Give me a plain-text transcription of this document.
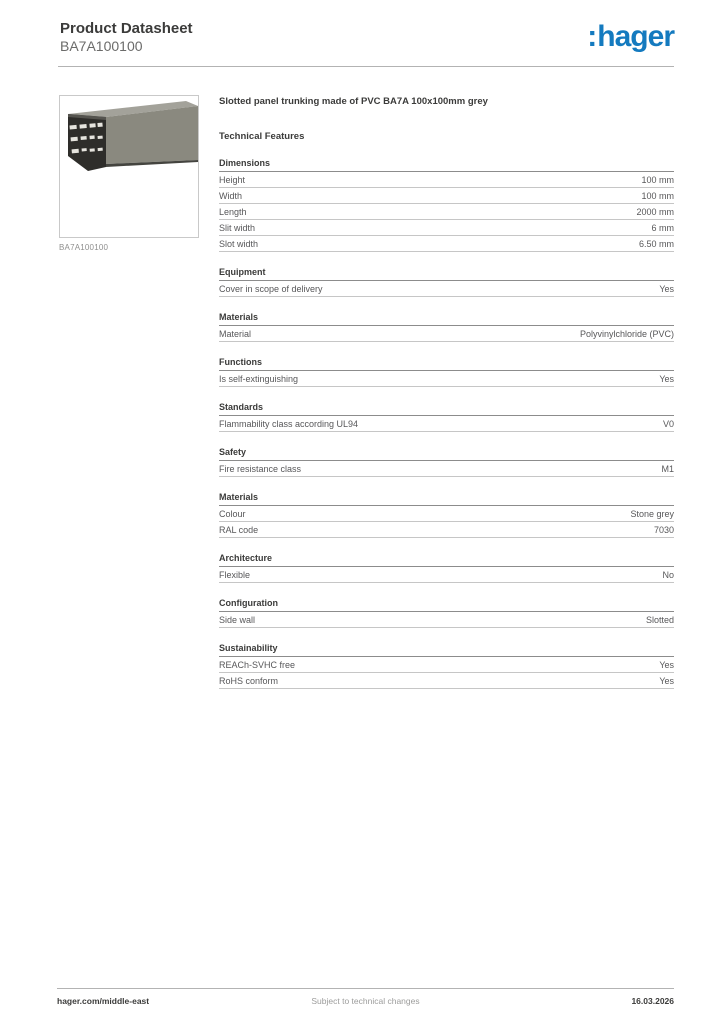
Product Datasheet
BA7A100100	:hager
BA7A100100
Slotted panel trunking made of PVC BA7A 100x100mm grey
Technical Features
Dimensions
Height	100 mm
Width	100 mm
Length	2000 mm
Slit width	6 mm
Slot width	6.50 mm
Equipment
Cover in scope of delivery	Yes
Materials
Material	Polyvinylchloride (PVC)
Functions
Is self-extinguishing	Yes
Standards
Flammability class according UL94	V0
Safety
Fire resistance class	M1
Materials
Colour	Stone grey
RAL code	7030
Architecture
Flexible	No
Configuration
Side wall	Slotted
Sustainability
REACh-SVHC free	Yes
RoHS conform	Yes
Subject to technical changes
hager.com/middle-east	16.03.2026
